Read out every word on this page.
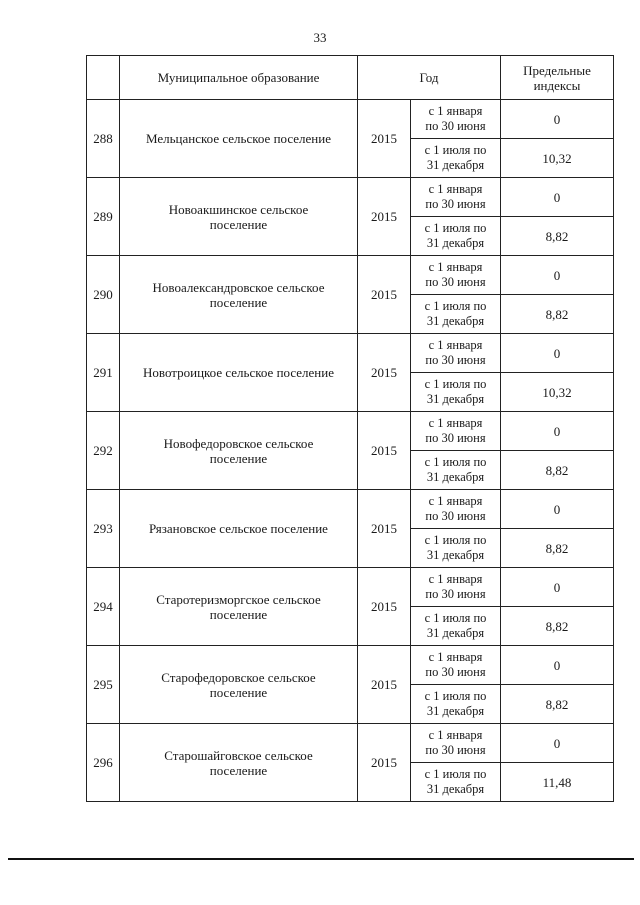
33
	Муниципальное образование	Год		Предельные
индексы
288	Мельцанское сельское поселение	2015	с 1 января
по 30 июня	0
			с 1 июля по
31 декабря	10,32
289	Новоакшинское сельское
поселение	2015	с 1 января
по 30 июня	0
			с 1 июля по
31 декабря	8,82
290	Новоалександровское сельское
поселение	2015	с 1 января
по 30 июня	0
			с 1 июля по
31 декабря	8,82
291	Новотроицкое сельское поселение	2015	с 1 января
по 30 июня	0
			с 1 июля по
31 декабря	10,32
292	Новофедоровское сельское
поселение	2015	с 1 января
по 30 июня	0
			с 1 июля по
31 декабря	8,82
293	Рязановское сельское поселение	2015	с 1 января
по 30 июня	0
			с 1 июля по
31 декабря	8,82
294	Старотеризморгское сельское
поселение	2015	с 1 января
по 30 июня	0
			с 1 июля по
31 декабря	8,82
295	Старофедоровское сельское
поселение	2015	с 1 января
по 30 июня	0
			с 1 июля по
31 декабря	8,82
296	Старошайговское сельское
поселение	2015	с 1 января
по 30 июня	0
			с 1 июля по
31 декабря	11,48
